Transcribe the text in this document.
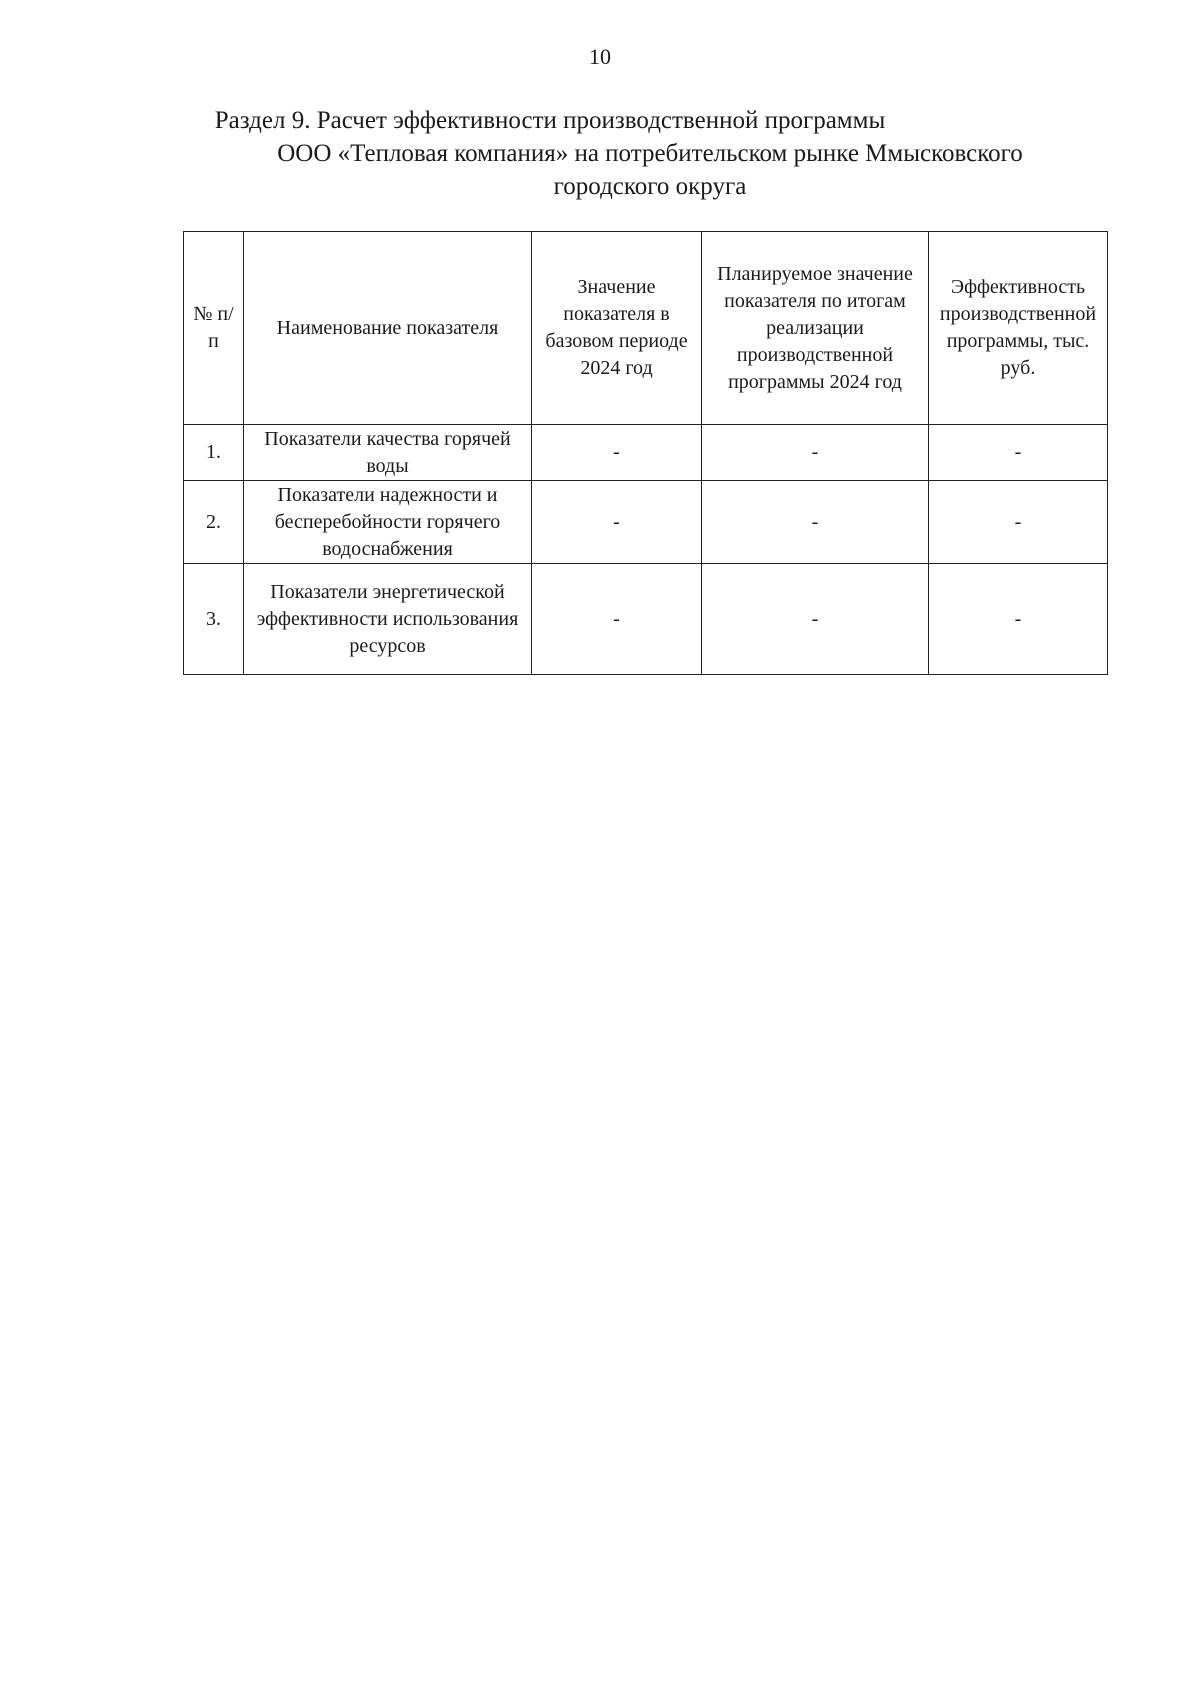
10
Раздел 9. Расчет эффективности производственной программы
ООО «Тепловая компания» на потребительском рынке Ммысковского
городского округа
№ п/п	Наименование показателя	Значение показателя в базовом периоде 2024 год	Планируемое значение показателя по итогам реализации производственной программы 2024 год	Эффективность производственной программы, тыс. руб.
1.	Показатели качества горячей воды	-	-	-
2.	Показатели надежности и бесперебойности горячего водоснабжения	-	-	-
3.	Показатели энергетической эффективности использования ресурсов	-	-	-
